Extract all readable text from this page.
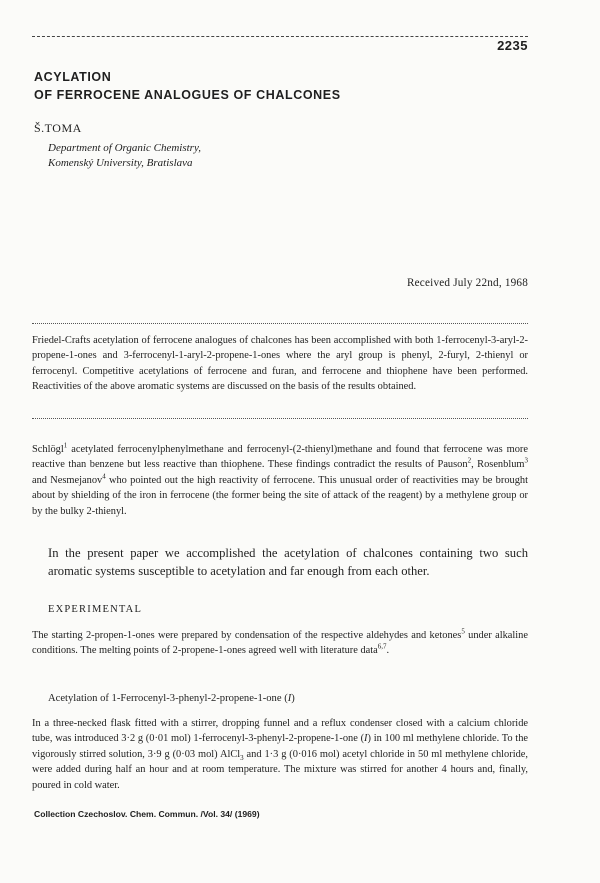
2235
ACYLATION
OF FERROCENE ANALOGUES OF CHALCONES
Š.TOMA
Department of Organic Chemistry,
Komenský University, Bratislava
Received July 22nd, 1968

Friedel-Crafts acetylation of ferrocene analogues of chalcones has been accomplished with both 1-ferrocenyl-3-aryl-2-propene-1-ones and 3-ferrocenyl-1-aryl-2-propene-1-ones where the aryl group is phenyl, 2-furyl, 2-thienyl or ferrocenyl. Competitive acetylations of ferrocene and furan, and ferrocene and thiophene have been performed. Reactivities of the above aromatic systems are discussed on the basis of the results obtained.

Schlögl$^1$ acetylated ferrocenylphenylmethane and ferrocenyl-(2-thienyl)methane and found that ferrocene was more reactive than benzene but less reactive than thiophene. These findings contradict the results of Pauson$^2$, Rosenblum$^3$ and Nesmejanov$^4$ who pointed out the high reactivity of ferrocene. This unusual order of reactivities may be brought about by shielding of the iron in ferrocene (the former being the site of attack of the reagent) by a methylene group or by the bulky 2-thienyl.

In the present paper we accomplished the acetylation of chalcones containing two such aromatic systems susceptible to acetylation and far enough from each other.

EXPERIMENTAL

The starting 2-propen-1-ones were prepared by condensation of the respective aldehydes and ketones$^5$ under alkaline conditions. The melting points of 2-propene-1-ones agreed well with literature data$^{6,7}$.

Acetylation of 1-Ferrocenyl-3-phenyl-2-propene-1-one (I)

In a three-necked flask fitted with a stirrer, dropping funnel and a reflux condenser closed with a calcium chloride tube, was introduced 3·2 g (0·01 mol) 1-ferrocenyl-3-phenyl-2-propene-1-one (I) in 100 ml methylene chloride. To the vigorously stirred solution, 3·9 g (0·03 mol) AlCl$_3$ and 1·3 g (0·016 mol) acetyl chloride in 50 ml methylene chloride, were added during half an hour and at room temperature. The mixture was stirred for another 4 hours and, finally, poured in cold water.

Collection Czechoslov. Chem. Commun. /Vol. 34/ (1969)
